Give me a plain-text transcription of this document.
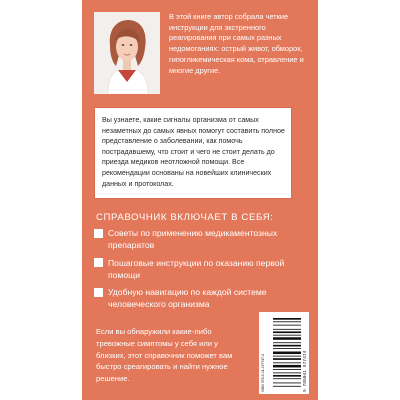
В этой книге автор собрала четкие инструкции для экстренного реагирования при самых разных недомоганиях: острый живот, обморок, гипогликемическая кома, отравление и многие другие.

Вы узнаете, какие сигналы организма от самых незаметных до самых явных помогут составить полное представление о заболевании, как помочь пострадавшему, что стоит и чего не стоит делать до приезда медиков неотложной помощи. Все рекомендации основаны на новейших клинических данных и протоколах.

СПРАВОЧНИК ВКЛЮЧАЕТ В СЕБЯ:
Советы по применению медикаментозных препаратов
Пошаговые инструкции по оказанию первой помощи
Удобную навигацию по каждой системе человеческого организма

Если вы обнаружили какие-либо тревожные симптомы у себя или у близких, этот справочник поможет вам быстро среагировать и найти нужное решение.	ISBN 978-5-04-197747-4	9 785041 977474
